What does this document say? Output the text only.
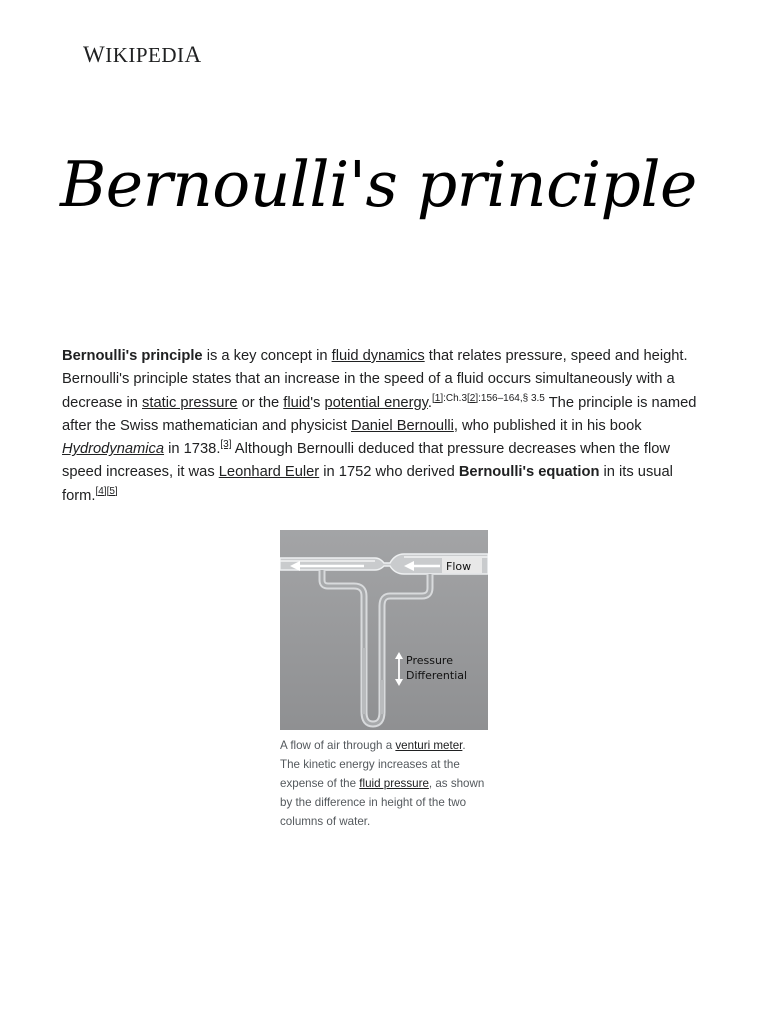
WIKIPEDIA
Bernoulli's principle

Bernoulli's principle is a key concept in fluid dynamics that relates pressure, speed and height. Bernoulli's principle states that an increase in the speed of a fluid occurs simultaneously with a decrease in static pressure or the fluid's potential energy.$^{[1]:Ch.3[2]:156-164,\S 3.5}$ The principle is named after the Swiss mathematician and physicist Daniel Bernoulli, who published it in his book Hydrodynamica in 1738.[3] Although Bernoulli deduced that pressure decreases when the flow speed increases, it was Leonhard Euler in 1752 who derived Bernoulli's equation in its usual form.[4][5]

Flow
Pressure
Differential
A flow of air through a venturi meter. The kinetic energy increases at the expense of the fluid pressure, as shown by the difference in height of the two columns of water.
